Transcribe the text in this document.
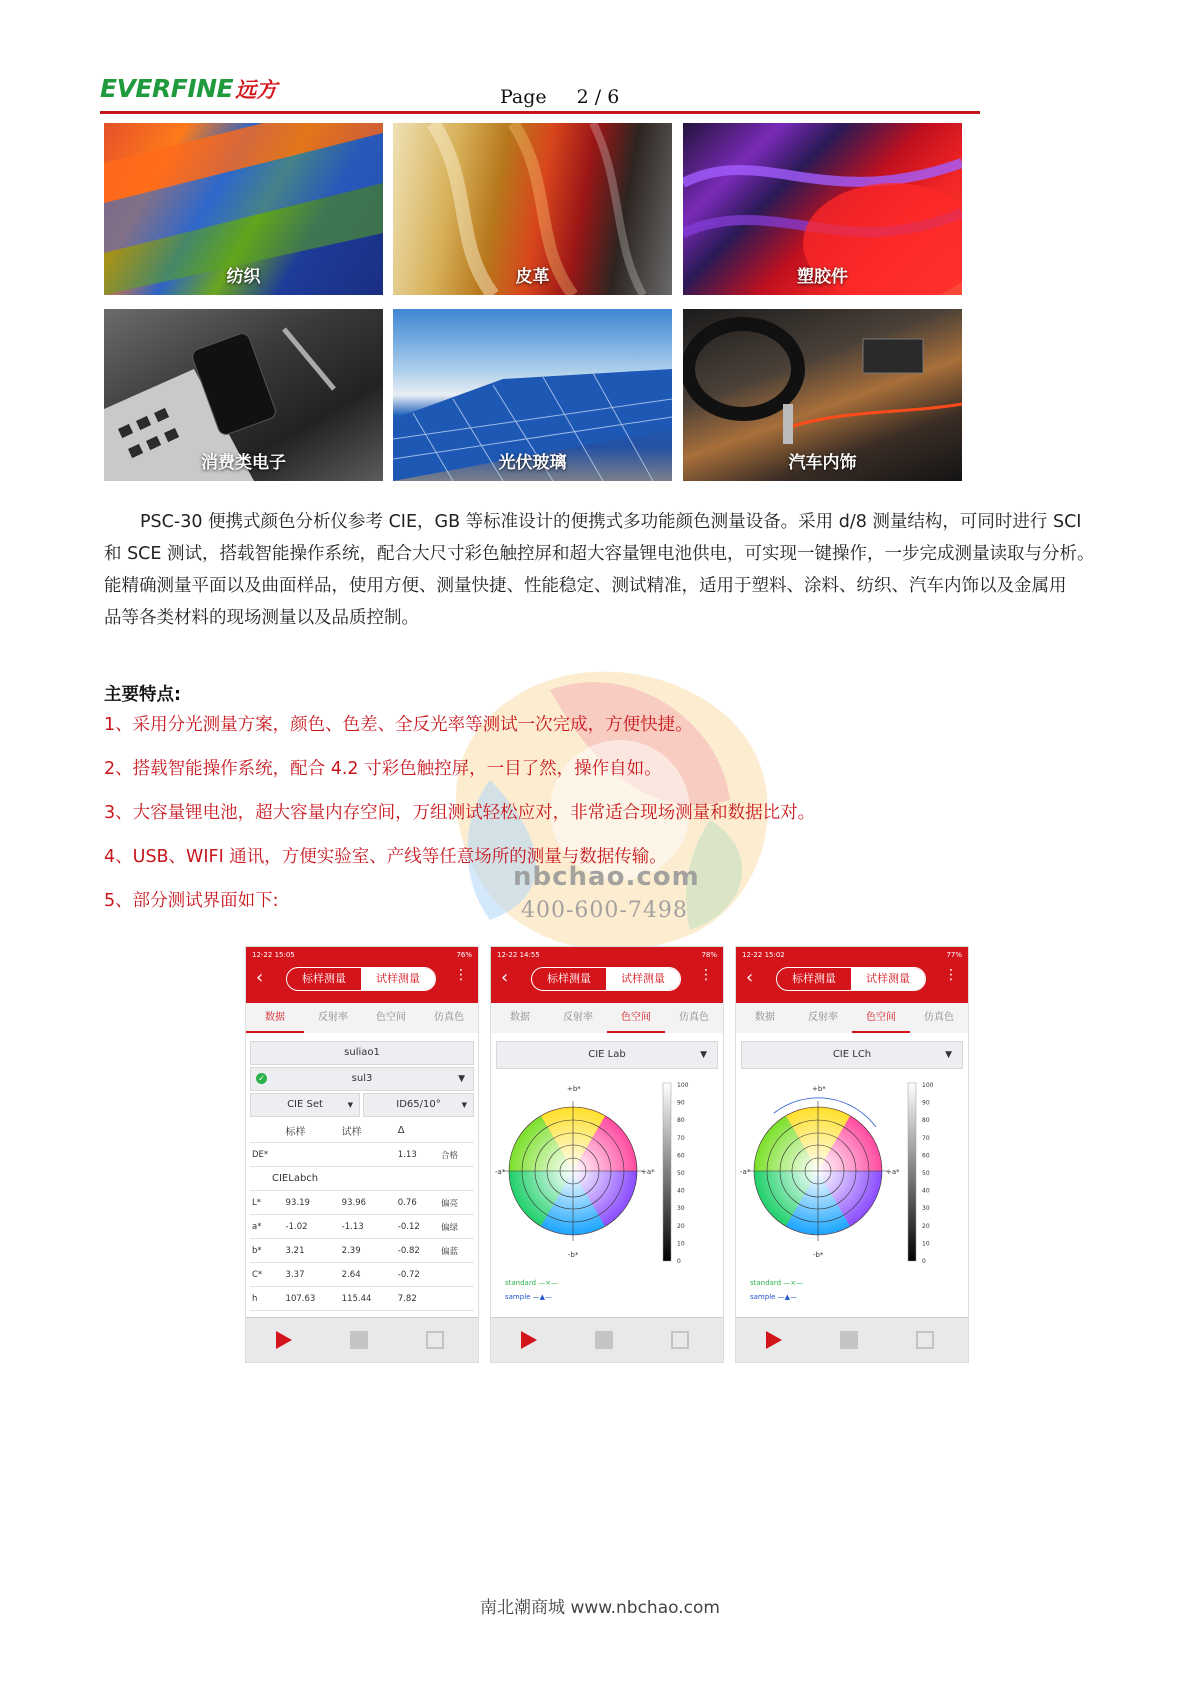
EVERFINE远方	Page 2 / 6
纺织	皮革	塑胶件
消费类电子	光伏玻璃	汽车内饰
PSC-30 便携式颜色分析仪参考 CIE，GB 等标准设计的便携式多功能颜色测量设备。采用 d/8 测量结构，可同时进行 SCI
和 SCE 测试，搭载智能操作系统，配合大尺寸彩色触控屏和超大容量锂电池供电，可实现一键操作，一步完成测量读取与分析。
能精确测量平面以及曲面样品，使用方便、测量快捷、性能稳定、测试精准，适用于塑料、涂料、纺织、汽车内饰以及金属用
品等各类材料的现场测量以及品质控制。
nbchao.com
400-600-7498
主要特点:
1、采用分光测量方案，颜色、色差、全反光率等测试一次完成，方便快捷。
2、搭载智能操作系统，配合 4.2 寸彩色触控屏，一目了然，操作自如。
3、大容量锂电池，超大容量内存空间，万组测试轻松应对，非常适合现场测量和数据比对。
4、USB、WIFI 通讯，方便实验室、产线等任意场所的测量与数据传输。
5、部分测试界面如下:
12-22 15:05	76%
‹	标样测量	试样测量	⋮
数据	反射率	色空间	仿真色
suliao1
✓	sul3	▼
CIE Set	▼	ID65/10°	▼
	标样	试样	Δ	
DE*			1.13	合格
CIELabch				
L*	93.19	93.96	0.76	偏亮
a*	-1.02	-1.13	-0.12	偏绿
b*	3.21	2.39	-0.82	偏蓝
C*	3.37	2.64	-0.72	
h	107.63	115.44	7.82	
12-22 14:55	78%
‹	标样测量	试样测量	⋮
数据	反射率	色空间	仿真色
CIE Lab	▼
+b*
-b*
-a*	+a*
100
90
80
70
60
50
40
30
20
10
0
standard —×—
sample —▲—
12-22 15:02	77%
‹	标样测量	试样测量	⋮
数据	反射率	色空间	仿真色
CIE LCh	▼
+b*
-b*
-a*	+a*
100
90
80
70
60
50
40
30
20
10
0
standard —×—
sample —▲—
南北潮商城 www.nbchao.com
